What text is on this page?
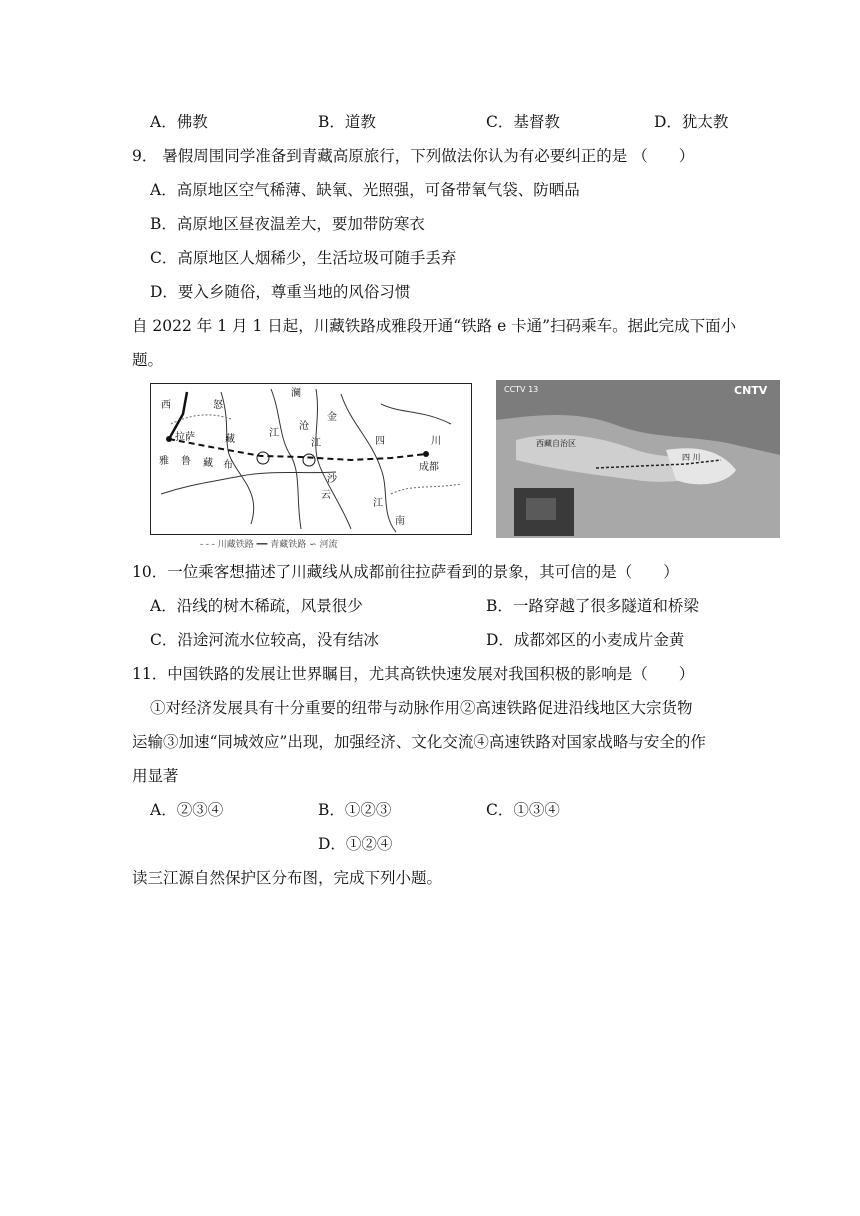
A．佛教	B．道教	C．基督教	D．犹太教
9． 暑假周围同学准备到青藏高原旅行，下列做法你认为有必要纠正的是 （　　）
A．高原地区空气稀薄、缺氧、光照强，可备带氧气袋、防晒品
B．高原地区昼夜温差大，要加带防寒衣
C．高原地区人烟稀少，生活垃圾可随手丢弃
D．要入乡随俗，尊重当地的风俗习惯
自 2022 年 1 月 1 日起，川藏铁路成雅段开通“铁路 e 卡通”扫码乘车。据此完成下面小
题。
西	怒
澜
拉萨	藏
江
沧
金
江	四	川
成都
雅 鲁 藏 布
沙
云
江
南
- - - 川藏铁路 ━━ 青藏铁路 ∽ 河流
CCTV 13	CNTV
西藏自治区
四 川
10．一位乘客想描述了川藏线从成都前往拉萨看到的景象，其可信的是（　　）
A．沿线的树木稀疏，风景很少	B．一路穿越了很多隧道和桥梁
C．沿途河流水位较高，没有结冰	D．成都郊区的小麦成片金黄
11．中国铁路的发展让世界瞩目，尤其高铁快速发展对我国积极的影响是（　　）
①对经济发展具有十分重要的纽带与动脉作用②高速铁路促进沿线地区大宗货物
运输③加速“同城效应”出现，加强经济、文化交流④高速铁路对国家战略与安全的作
用显著
A．②③④	B．①②③	C．①③④
D．①②④
读三江源自然保护区分布图，完成下列小题。
